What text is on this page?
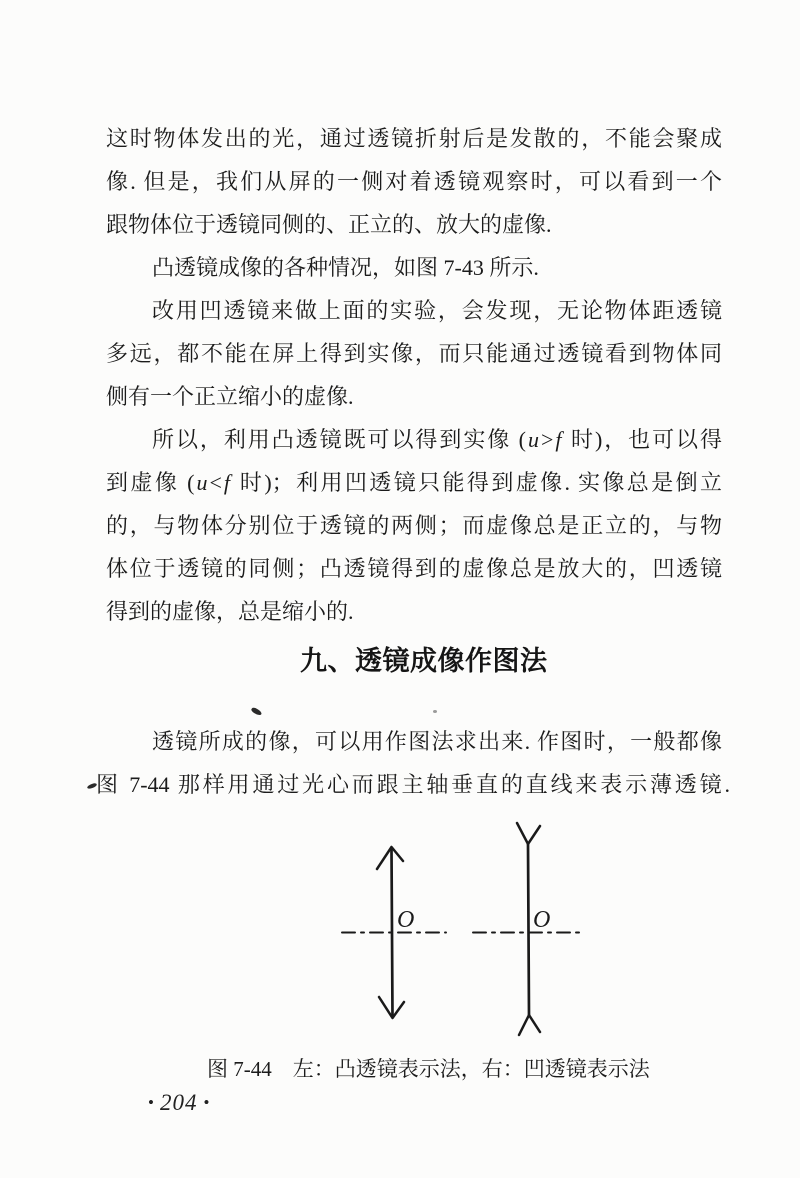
这时物体发出的光，通过透镜折射后是发散的，不能会聚成
像. 但是，我们从屏的一侧对着透镜观察时，可以看到一个
跟物体位于透镜同侧的、正立的、放大的虚像.
凸透镜成像的各种情况，如图 7-43 所示.
改用凹透镜来做上面的实验，会发现，无论物体距透镜
多远，都不能在屏上得到实像，而只能通过透镜看到物体同
侧有一个正立缩小的虚像.
所以，利用凸透镜既可以得到实像 (u>f 时)，也可以得
到虚像 (u<f 时)；利用凹透镜只能得到虚像. 实像总是倒立
的，与物体分别位于透镜的两侧；而虚像总是正立的，与物
体位于透镜的同侧；凸透镜得到的虚像总是放大的，凹透镜
得到的虚像，总是缩小的.
九、透镜成像作图法
透镜所成的像，可以用作图法求出来. 作图时，一般都像
图 7-44 那样用通过光心而跟主轴垂直的直线来表示薄透镜.
O	O
图 7-44　左：凸透镜表示法，右：凹透镜表示法
• 204 •
